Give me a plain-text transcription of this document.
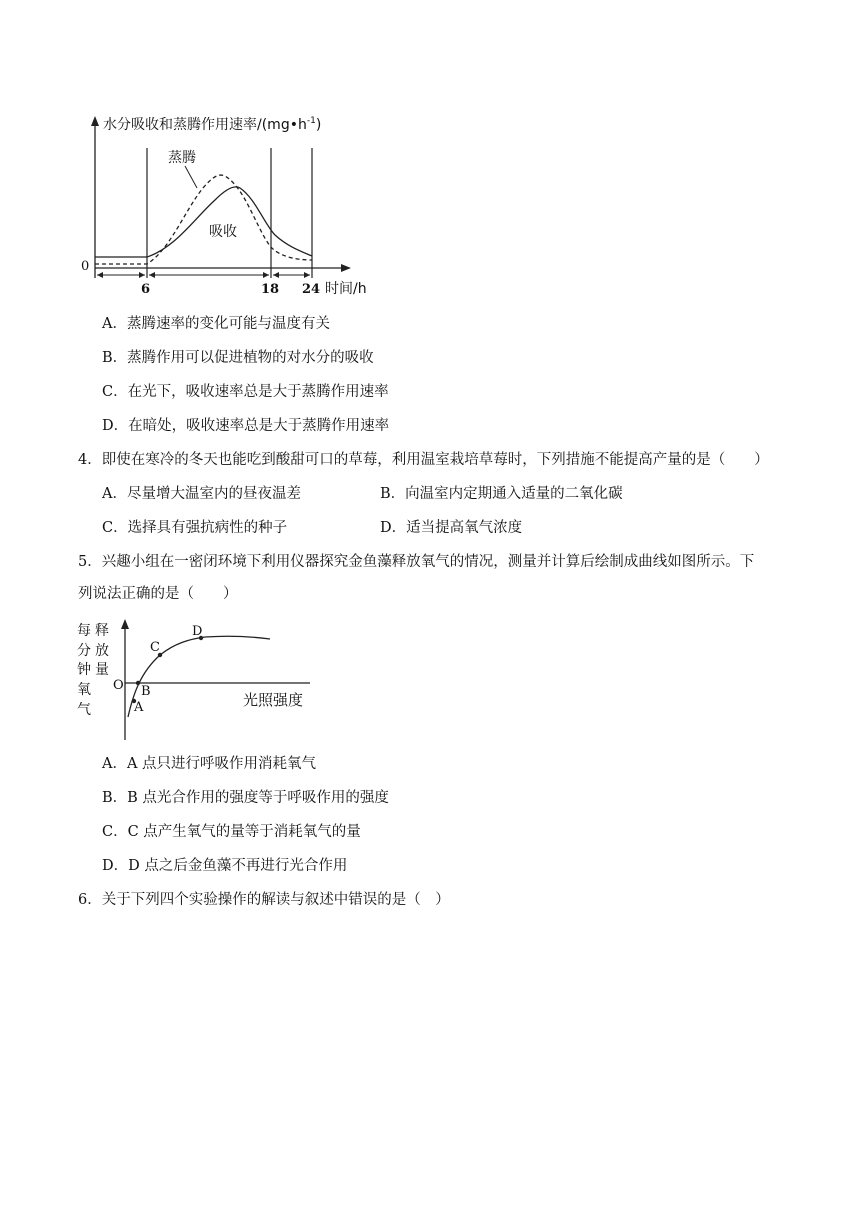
水分吸收和蒸腾作用速率$/(mg•h^{-1})$
蒸腾
吸收
0
6	18 24 时间/h
A．蒸腾速率的变化可能与温度有关
B．蒸腾作用可以促进植物的对水分的吸收
C．在光下，吸收速率总是大于蒸腾作用速率
D．在暗处，吸收速率总是大于蒸腾作用速率
4．即使在寒冷的冬天也能吃到酸甜可口的草莓，利用温室栽培草莓时，下列措施不能提高产量的是（　　）
A．尽量增大温室内的昼夜温差	B．向温室内定期通入适量的二氧化碳
C．选择具有强抗病性的种子	D．适当提高氧气浓度
5．兴趣小组在一密闭环境下利用仪器探究金鱼藻释放氧气的情况，测量并计算后绘制成曲线如图所示。下
列说法正确的是（　　）
每 分 钟 氧 气
释 放 量
O
A
B
C
D
光照强度
A．A 点只进行呼吸作用消耗氧气
B．B 点光合作用的强度等于呼吸作用的强度
C．C 点产生氧气的量等于消耗氧气的量
D．D 点之后金鱼藻不再进行光合作用
6．关于下列四个实验操作的解读与叙述中错误的是（　）
